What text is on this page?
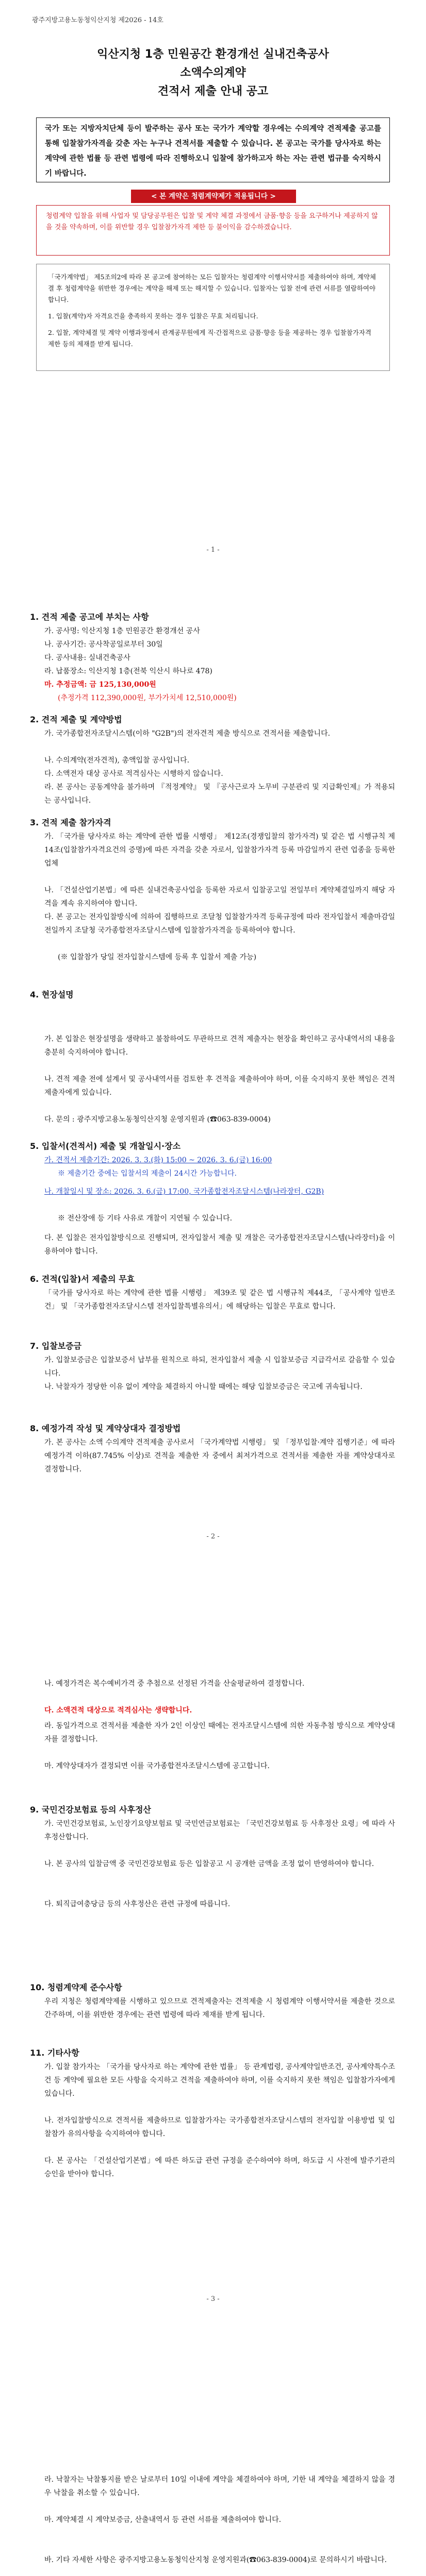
광주지방고용노동청익산지청 제2026 - 14호
익산지청 1층 민원공간 환경개선 실내건축공사
소액수의계약
견적서 제출 안내 공고
국가 또는 지방자치단체 등이 발주하는 공사 또는 국가가 계약할 경우에는 수의계약 견적제출 공고를 통해 입찰참가자격을 갖춘 자는 누구나 견적서를 제출할 수 있습니다. 본 공고는 국가를 당사자로 하는 계약에 관한 법률 등 관련 법령에 따라 진행하오니 입찰에 참가하고자 하는 자는 관련 법규를 숙지하시기 바랍니다.
< 본 계약은 청렴계약제가 적용됩니다 >
청렴계약 입찰을 위해 사업자 및 담당공무원은 입찰 및 계약 체결 과정에서 금품·향응 등을 요구하거나 제공하지 않을 것을 약속하며, 이를 위반할 경우 입찰참가자격 제한 등 불이익을 감수하겠습니다.

「국가계약법」 제5조의2에 따라 본 공고에 참여하는 모든 입찰자는 청렴계약 이행서약서를 제출하여야 하며, 계약체결 후 청렴계약을 위반한 경우에는 계약을 해제 또는 해지할 수 있습니다. 입찰자는 입찰 전에 관련 서류를 열람하여야 합니다.

1. 입찰(계약)자 자격요건을 충족하지 못하는 경우 입찰은 무효 처리됩니다.

2. 입찰, 계약체결 및 계약 이행과정에서 관계공무원에게 직·간접적으로 금품·향응 등을 제공하는 경우 입찰참가자격 제한 등의 제재를 받게 됩니다.

- 1 -
1. 견적 제출 공고에 부치는 사항
가. 공사명: 익산지청 1층 민원공간 환경개선 공사
나. 공사기간: 공사착공일로부터 30일
다. 공사내용: 실내건축공사
라. 납품장소: 익산지청 1층(전북 익산시 하나로 478)
마. 추정금액: 금 125,130,000원
(추정가격 112,390,000원, 부가가치세 12,510,000원)
2. 견적 제출 및 계약방법
가. 국가종합전자조달시스템(이하 "G2B")의 전자견적 제출 방식으로 견적서를 제출합니다.
나. 수의계약(전자견적), 총액입찰 공사입니다.
다. 소액전자 대상 공사로 적격심사는 시행하지 않습니다.
라. 본 공사는 공동계약을 불가하며 『적정계약』 및 『공사근로자 노무비 구분관리 및 지급확인제』가 적용되는 공사입니다.
3. 견적 제출 참가자격
가. 「국가를 당사자로 하는 계약에 관한 법률 시행령」 제12조(경쟁입찰의 참가자격) 및 같은 법 시행규칙 제14조(입찰참가자격요건의 증명)에 따른 자격을 갖춘 자로서, 입찰참가자격 등록 마감일까지 관련 업종을 등록한 업체
나. 「건설산업기본법」에 따른 실내건축공사업을 등록한 자로서 입찰공고일 전일부터 계약체결일까지 해당 자격을 계속 유지하여야 합니다.
다. 본 공고는 전자입찰방식에 의하여 집행하므로 조달청 입찰참가자격 등록규정에 따라 전자입찰서 제출마감일 전일까지 조달청 국가종합전자조달시스템에 입찰참가자격을 등록하여야 합니다.
(※ 입찰참가 당일 전자입찰시스템에 등록 후 입찰서 제출 가능)
4. 현장설명
가. 본 입찰은 현장설명을 생략하고 불참하여도 무관하므로 견적 제출자는 현장을 확인하고 공사내역서의 내용을 충분히 숙지하여야 합니다.
나. 견적 제출 전에 설계서 및 공사내역서를 검토한 후 견적을 제출하여야 하며, 이를 숙지하지 못한 책임은 견적제출자에게 있습니다.
다. 문의 : 광주지방고용노동청익산지청 운영지원과 (☎063-839-0004)
5. 입찰서(견적서) 제출 및 개찰일시·장소
가. 견적서 제출기간: 2026. 3. 3.(화) 15:00 ~ 2026. 3. 6.(금) 16:00
※ 제출기간 중에는 입찰서의 제출이 24시간 가능합니다.
나. 개찰일시 및 장소: 2026. 3. 6.(금) 17:00, 국가종합전자조달시스템(나라장터, G2B)
※ 전산장애 등 기타 사유로 개찰이 지연될 수 있습니다.
다. 본 입찰은 전자입찰방식으로 진행되며, 전자입찰서 제출 및 개찰은 국가종합전자조달시스템(나라장터)을 이용하여야 합니다.
6. 견적(입찰)서 제출의 무효
「국가를 당사자로 하는 계약에 관한 법률 시행령」 제39조 및 같은 법 시행규칙 제44조, 「공사계약 일반조건」 및 「국가종합전자조달시스템 전자입찰특별유의서」에 해당하는 입찰은 무효로 합니다.
7. 입찰보증금
가. 입찰보증금은 입찰보증서 납부를 원칙으로 하되, 전자입찰서 제출 시 입찰보증금 지급각서로 갈음할 수 있습니다.
나. 낙찰자가 정당한 이유 없이 계약을 체결하지 아니할 때에는 해당 입찰보증금은 국고에 귀속됩니다.
8. 예정가격 작성 및 계약상대자 결정방법
가. 본 공사는 소액 수의계약 견적제출 공사로서 「국가계약법 시행령」 및 「정부입찰·계약 집행기준」에 따라 예정가격 이하(87.745% 이상)로 견적을 제출한 자 중에서 최저가격으로 견적서를 제출한 자를 계약상대자로 결정합니다.
- 2 -
나. 예정가격은 복수예비가격 중 추첨으로 선정된 가격을 산술평균하여 결정합니다.
다. 소액견적 대상으로 적격심사는 생략합니다.
라. 동일가격으로 견적서를 제출한 자가 2인 이상인 때에는 전자조달시스템에 의한 자동추첨 방식으로 계약상대자를 결정합니다.
마. 계약상대자가 결정되면 이를 국가종합전자조달시스템에 공고합니다.
9. 국민건강보험료 등의 사후정산
가. 국민건강보험료, 노인장기요양보험료 및 국민연금보험료는 「국민건강보험료 등 사후정산 요령」에 따라 사후정산합니다.
나. 본 공사의 입찰금액 중 국민건강보험료 등은 입찰공고 시 공개한 금액을 조정 없이 반영하여야 합니다.
다. 퇴직급여충당금 등의 사후정산은 관련 규정에 따릅니다.
10. 청렴계약제 준수사항
우리 지청은 청렴계약제를 시행하고 있으므로 견적제출자는 견적제출 시 청렴계약 이행서약서를 제출한 것으로 간주하며, 이를 위반한 경우에는 관련 법령에 따라 제재를 받게 됩니다.
11. 기타사항
가. 입찰 참가자는 「국가를 당사자로 하는 계약에 관한 법률」 등 관계법령, 공사계약일반조건, 공사계약특수조건 등 계약에 필요한 모든 사항을 숙지하고 견적을 제출하여야 하며, 이를 숙지하지 못한 책임은 입찰참가자에게 있습니다.
나. 전자입찰방식으로 견적서를 제출하므로 입찰참가자는 국가종합전자조달시스템의 전자입찰 이용방법 및 입찰참가 유의사항을 숙지하여야 합니다.
다. 본 공사는 「건설산업기본법」에 따른 하도급 관련 규정을 준수하여야 하며, 하도급 시 사전에 발주기관의 승인을 받아야 합니다.
- 3 -
라. 낙찰자는 낙찰통지를 받은 날로부터 10일 이내에 계약을 체결하여야 하며, 기한 내 계약을 체결하지 않을 경우 낙찰을 취소할 수 있습니다.
마. 계약체결 시 계약보증금, 산출내역서 등 관련 서류를 제출하여야 합니다.
바. 기타 자세한 사항은 광주지방고용노동청익산지청 운영지원과(☎063-839-0004)로 문의하시기 바랍니다.
